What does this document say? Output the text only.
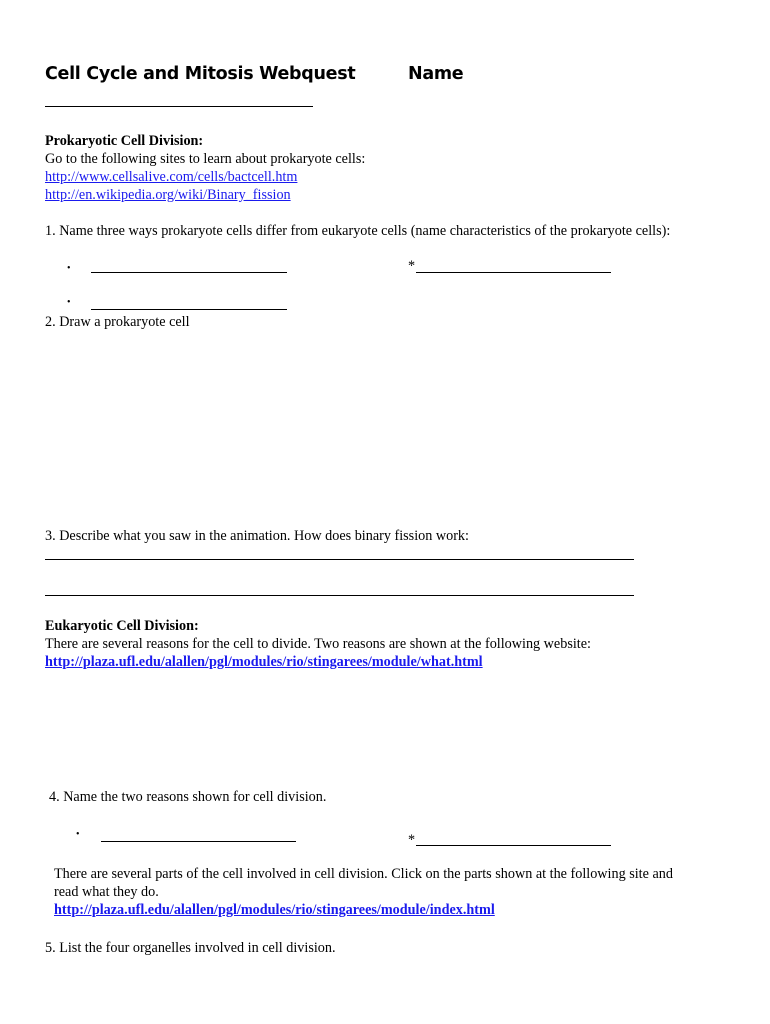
Cell Cycle and Mitosis Webquest	Name
Prokaryotic Cell Division:
Go to the following sites to learn about prokaryote cells:
http://www.cellsalive.com/cells/bactcell.htm
http://en.wikipedia.org/wiki/Binary_fission
1. Name three ways prokaryote cells differ from eukaryote cells (name characteristics of the prokaryote cells):
•	*
•
2. Draw a prokaryote cell
3. Describe what you saw in the animation. How does binary fission work:
Eukaryotic Cell Division:
There are several reasons for the cell to divide. Two reasons are shown at the following website:
http://plaza.ufl.edu/alallen/pgl/modules/rio/stingarees/module/what.html
4. Name the two reasons shown for cell division.
•	*
There are several parts of the cell involved in cell division. Click on the parts shown at the following site and
read what they do.
http://plaza.ufl.edu/alallen/pgl/modules/rio/stingarees/module/index.html
5. List the four organelles involved in cell division.
